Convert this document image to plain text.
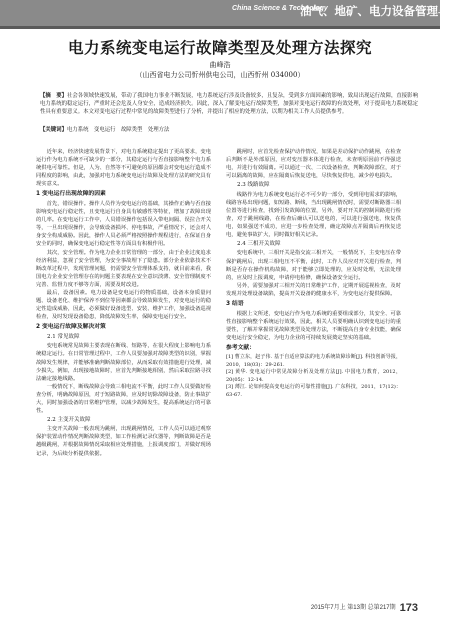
China Science & Technology
油气、地矿、电力设备管理与技术
电力系统变电运行故障类型及处理方法探究
曲峰浩
（山西省电力公司忻州供电公司，山西忻州 034000）
【摘　要】社会各领域快速发展，带动了我国电力事业不断发展，电力系统运行涉及设备较多，且复杂，受到多方面因素的影响，致局出现运行故障，直接影响电力系统的稳定运行，严重时还会危及人身安全，造成经济损失。因此，深入了解变电运行故障类型，加强对变电运行故障的有效处理，对于提高电力系统稳定性具有重要意义。本文对变电运行过程中常见的故障类型进行了分析，并提出了相应的处理方法，以期为相关工作人员提供参考。
【关键词】电力系统　变电运行　故障类型　处理方法

近年来，经济快速发展背景下，对电力系统稳定提出了更高要求，变电运行作为电力系统不可缺少的一部分，其稳定运行与否直接影响整个电力系统供电可靠性。但是，人为、自然等不可避免的原因都会对变电运行造成不同程度的影响，由此，加强对电力系统变电运行故障及处理方法的研究具有现实意义。

1 变电运行出现故障的因素

首先，错误操作。操作人员作为变电运行的基础，其操作正确与否直接影响变电运行稳定性，且变电运行自身具有敏感性等特征，增加了故障出现的几率。在变电运行工作中，人员错误操作包括误入带电间隔、误拉合开关等，一旦出现误操作，会导致设备损坏、停电事故，严重情况下，还会对人身安全构成威胁。因此，操作人员必须严格按照操作规程进行，在保证自身安全的同时，确保变电运行稳定性等方面具有积极作用。

其次，安全管理。作为电力企业日常管理的一部分，由于企业过度追求经济利益，忽视了安全管理，为安全事故埋下了隐患。部分企业依靠技术不断改革过程中，发现管理问题，仍需要安全管理体系支持，就目前来看，我国电力企业安全管理存在的问题主要表现在安全意识淡薄、安全管理制度不完善、监督力度不够等方面，需要及时改进。

最后，设备因素。电力设备是变电运行的物质基础，设备本身质量问题、设备老化、维护保养不到位等因素都会导致故障发生，对变电运行的稳定性造成威胁，因此，必须做好设备选型、安装、维护工作，加强设备巡视检查，及时发现设备隐患，降低故障发生率，保障变电运行安全。

2 变电运行故障及解决对策
2.1 常见故障

变电系统常见故障主要表现在断线、短路等，在很大程度上影响电力系统稳定运行。在日常管理过程中，工作人员要加强对故障类型的识别，掌握故障发生规律，并能够准确判断故障部位，从而采取有效措施进行处理，减少损失。例如，出现接地故障时，应首先判断接地相别，然后采取拉路寻找法确定接地线路。

一般情况下，断线故障会导致三相电流不平衡，此时工作人员要做好检查分析，明确故障原因，对于短路故障，应及时切除故障设备，防止事故扩大，同时加强设备的日常维护管理，以减少故障发生，提高系统运行的可靠性。

2.2 主变开关故障

主变开关故障一般表现为跳闸，出现跳闸情况，工作人员可以通过观察保护装置动作情况判断故障类型，如工作检测记录仪器等，判断故障是否是越级跳闸，并根据故障情况采取相应处理措施，上报调度部门，并做好现场记录，为后续分析提供依据。

跳闸时，应首先检查保护动作情况，如果是差动保护动作跳闸，在检查后判断不是外部原因，应对变压器本体进行检查，未查明原因前不得强送电，并进行有效隔离。可以通过一次、二次设备检查，判断故障部位，对于可以隔离的故障，应在隔离后恢复送电，尽快恢复供电，减少停电损失。

2.3 线路故障

线路作为电力系统变电运行必不可少的一部分，受到用电需求的影响，线路容易出现问题，如短路、断线，当出现跳闸情况时，需要对断路器三相位置等进行检查，找到引发故障的位置，另外，要对开关的控制回路进行检查，对于跳闸线路，在检查后确认可以送电的，可以进行强送电，恢复供电，如果强送不成功，应进一步检查处理，确定故障点并隔离后再恢复送电，避免事故扩大，同时做好相关记录。

2.4 三相开关故障

变电系统中，三相开关是指交流三相开关，一般情况下，主变电压在带保护跳闸后，出现三相电压不平衡，此时，工作人员应对开关进行检查，判断是否存在操作机构故障，对于能够立即处理的，应及时处理，无法处理的，应及时上报调度，申请停电检修，确保设备安全运行。

另外，需要加强对三相开关的日常维护工作，定期开展巡视检查，及时发现并处理设备缺陷，提高开关设备的健康水平，为变电运行提供保障。

3 结语

根据上文所述，变电运行作为电力系统的重要组成部分，其安全、可靠性直接影响整个系统运行效果，因此，相关人员要明确认识到变电运行的重要性，了解并掌握常见故障类型及处理方法，不断提高自身专业技能，确保变电运行安全稳定，为电力企业的可持续发展奠定坚实的基础。

参考文献：

[1] 曹立东，赵子伟. 基于自适应算法的电力系统故障诊断[J]. 科技创新导报，2010，18(03)：29-261.

[2] 黄华. 变电运行中常见故障分析及处理方法[J]. 中国电力教育，2012，20(05)：12-14.

[3] 薄江. 论如何提高变电运行的可靠性措施[J]. 广东科技，2011，17(12)：63-67.

2015年7月上 第13期 总第217期 173
